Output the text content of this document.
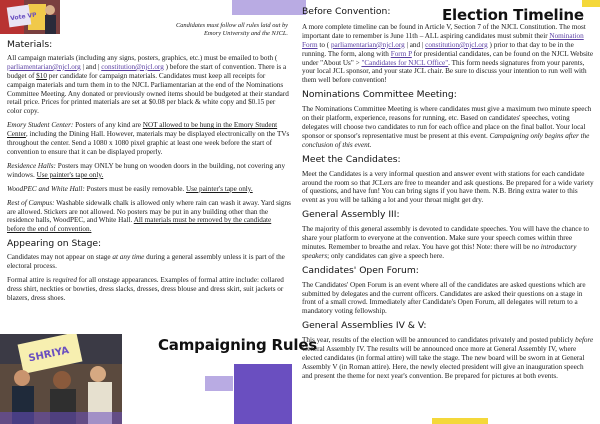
Vote VP
Candidates must follow all rules laid out by Emory University and the NJCL.
Materials:

All campaign materials (including any signs, posters, graphics, etc.) must be emailed to both ( parliamentarian@njcl.org | and | constitution@njcl.org ) before the start of convention. There is a budget of $10 per candidate for campaign materials. Candidates must keep all receipts for campaign materials and turn them in to the NJCL Parliamentarian at the end of the Nominations Committee Meeting. Any donated or previously owned items should be budgeted at their standard retail price. Prices for printed materials are set at $0.08 per black & white copy and $0.15 per color copy.

Emory Student Center: Posters of any kind are NOT allowed to be hung in the Emory Student Center, including the Dining Hall. However, materials may be displayed electronically on the TVs throughout the center. Send a 1080 x 1080 pixel graphic at least one week before the start of convention to ensure that it can be displayed properly.

Residence Halls: Posters may ONLY be hung on wooden doors in the building, not covering any windows. Use painter's tape only.

WoodPEC and White Hall: Posters must be easily removable. Use painter's tape only.

Rest of Campus: Washable sidewalk chalk is allowed only where rain can wash it away. Yard signs are allowed. Stickers are not allowed. No posters may be put in any building other than the residence halls, WoodPEC, and White Hall. All materials must be removed by the candidate before the end of convention.

Appearing on Stage:

Candidates may not appear on stage at any time during a general assembly unless it is part of the electoral process.

Formal attire is required for all onstage appearances. Examples of formal attire include: collared dress shirt, neckties or bowties, dress slacks, dresses, dress blouse and dress skirt, suit jackets or blazers, dress shoes.

SHRIYA
Campaigning Rules
Election Timeline
Before Convention:

A more complete timeline can be found in Article V, Section 7 of the NJCL Constitution. The most important date to remember is June 11th – ALL aspiring candidates must submit their Nomination Form to ( parliamentarian@njcl.org | and | constitution@njcl.org ) prior to that day to be in the running. The form, along with Form P for presidential candidates, can be found on the NJCL Website under "About Us" > "Candidates for NJCL Office". This form needs signatures from your parents, your local JCL sponsor, and your state JCL chair. Be sure to discuss your intention to run well with them well before convention!

Nominations Committee Meeting:

The Nominations Committee Meeting is where candidates must give a maximum two minute speech on their platform, experience, reasons for running, etc. Based on candidates' speeches, voting delegates will choose two candidates to run for each office and place on the final ballot. Your local sponsor or sponsor's representative must be present at this event. Campaigning only begins after the conclusion of this event.

Meet the Candidates:

Meet the Candidates is a very informal question and answer event with stations for each candidate around the room so that JCLers are free to meander and ask questions. Be prepared for a wide variety of questions, and have fun! You can bring signs if you have them. N.B. Bring extra water to this event as you will be talking a lot and your throat might get dry.

General Assembly III:

The majority of this general assembly is devoted to candidate speeches. You will have the chance to share your platform to everyone at the convention. Make sure your speech comes within three minutes. Remember to breathe and relax. You have got this! Note: there will be no introductory speakers; only candidates can give a speech here.

Candidates' Open Forum:

The Candidates' Open Forum is an event where all of the candidates are asked questions which are submitted by delegates and the current officers. Candidates are asked their questions on a stage in front of a small crowd. Immediately after Candidate's Open Forum, all delegates will return to a mandatory voting fellowship.

General Assemblies IV & V:

This year, results of the election will be announced to candidates privately and posted publicly before General Assembly IV. The results will be announced once more at General Assembly IV, where elected candidates (in formal attire) will take the stage. The new board will be sworn in at General Assembly V (in Roman attire). Here, the newly elected president will give an inauguration speech and present the theme for next year's convention. Be prepared for pictures at both events.
